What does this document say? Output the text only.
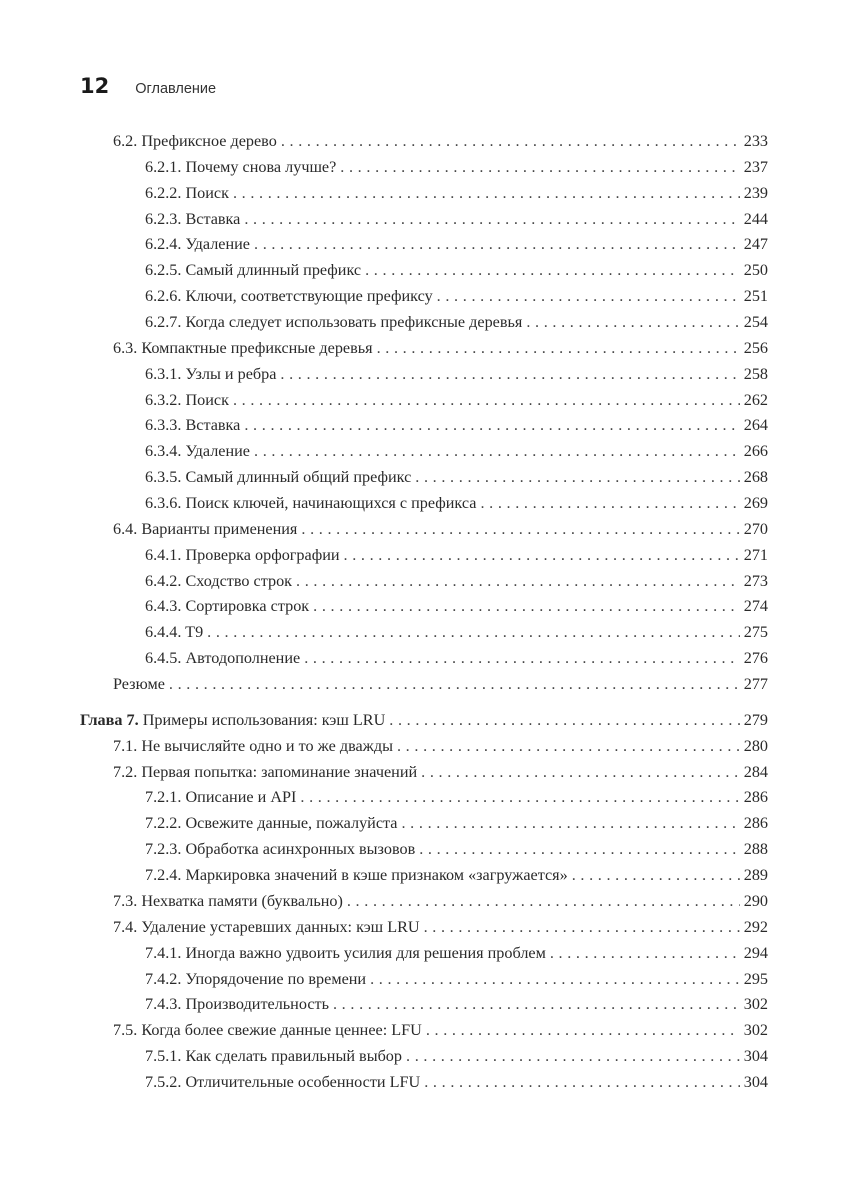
12 Оглавление
6.2. Префиксное дерево . . .	233
6.2.1. Почему снова лучше? . . .	237
6.2.2. Поиск . . .	239
6.2.3. Вставка . . .	244
6.2.4. Удаление . . .	247
6.2.5. Самый длинный префикс . . .	250
6.2.6. Ключи, соответствующие префиксу . . .	251
6.2.7. Когда следует использовать префиксные деревья . . .	254
6.3. Компактные префиксные деревья . . .	256
6.3.1. Узлы и ребра . . .	258
6.3.2. Поиск . . .	262
6.3.3. Вставка . . .	264
6.3.4. Удаление . . .	266
6.3.5. Самый длинный общий префикс . . .	268
6.3.6. Поиск ключей, начинающихся с префикса . . .	269
6.4. Варианты применения . . .	270
6.4.1. Проверка орфографии . . .	271
6.4.2. Сходство строк . . .	273
6.4.3. Сортировка строк . . .	274
6.4.4. T9 . . .	275
6.4.5. Автодополнение . . .	276
Резюме . . .	277
Глава 7. Примеры использования: кэш LRU . . .	279
7.1. Не вычисляйте одно и то же дважды . . .	280
7.2. Первая попытка: запоминание значений . . .	284
7.2.1. Описание и API . . .	286
7.2.2. Освежите данные, пожалуйста . . .	286
7.2.3. Обработка асинхронных вызовов . . .	288
7.2.4. Маркировка значений в кэше признаком «загружается» . . .	289
7.3. Нехватка памяти (буквально) . . .	290
7.4. Удаление устаревших данных: кэш LRU . . .	292
7.4.1. Иногда важно удвоить усилия для решения проблем . . .	294
7.4.2. Упорядочение по времени . . .	295
7.4.3. Производительность . . .	302
7.5. Когда более свежие данные ценнее: LFU . . .	302
7.5.1. Как сделать правильный выбор . . .	304
7.5.2. Отличительные особенности LFU . . .	304
